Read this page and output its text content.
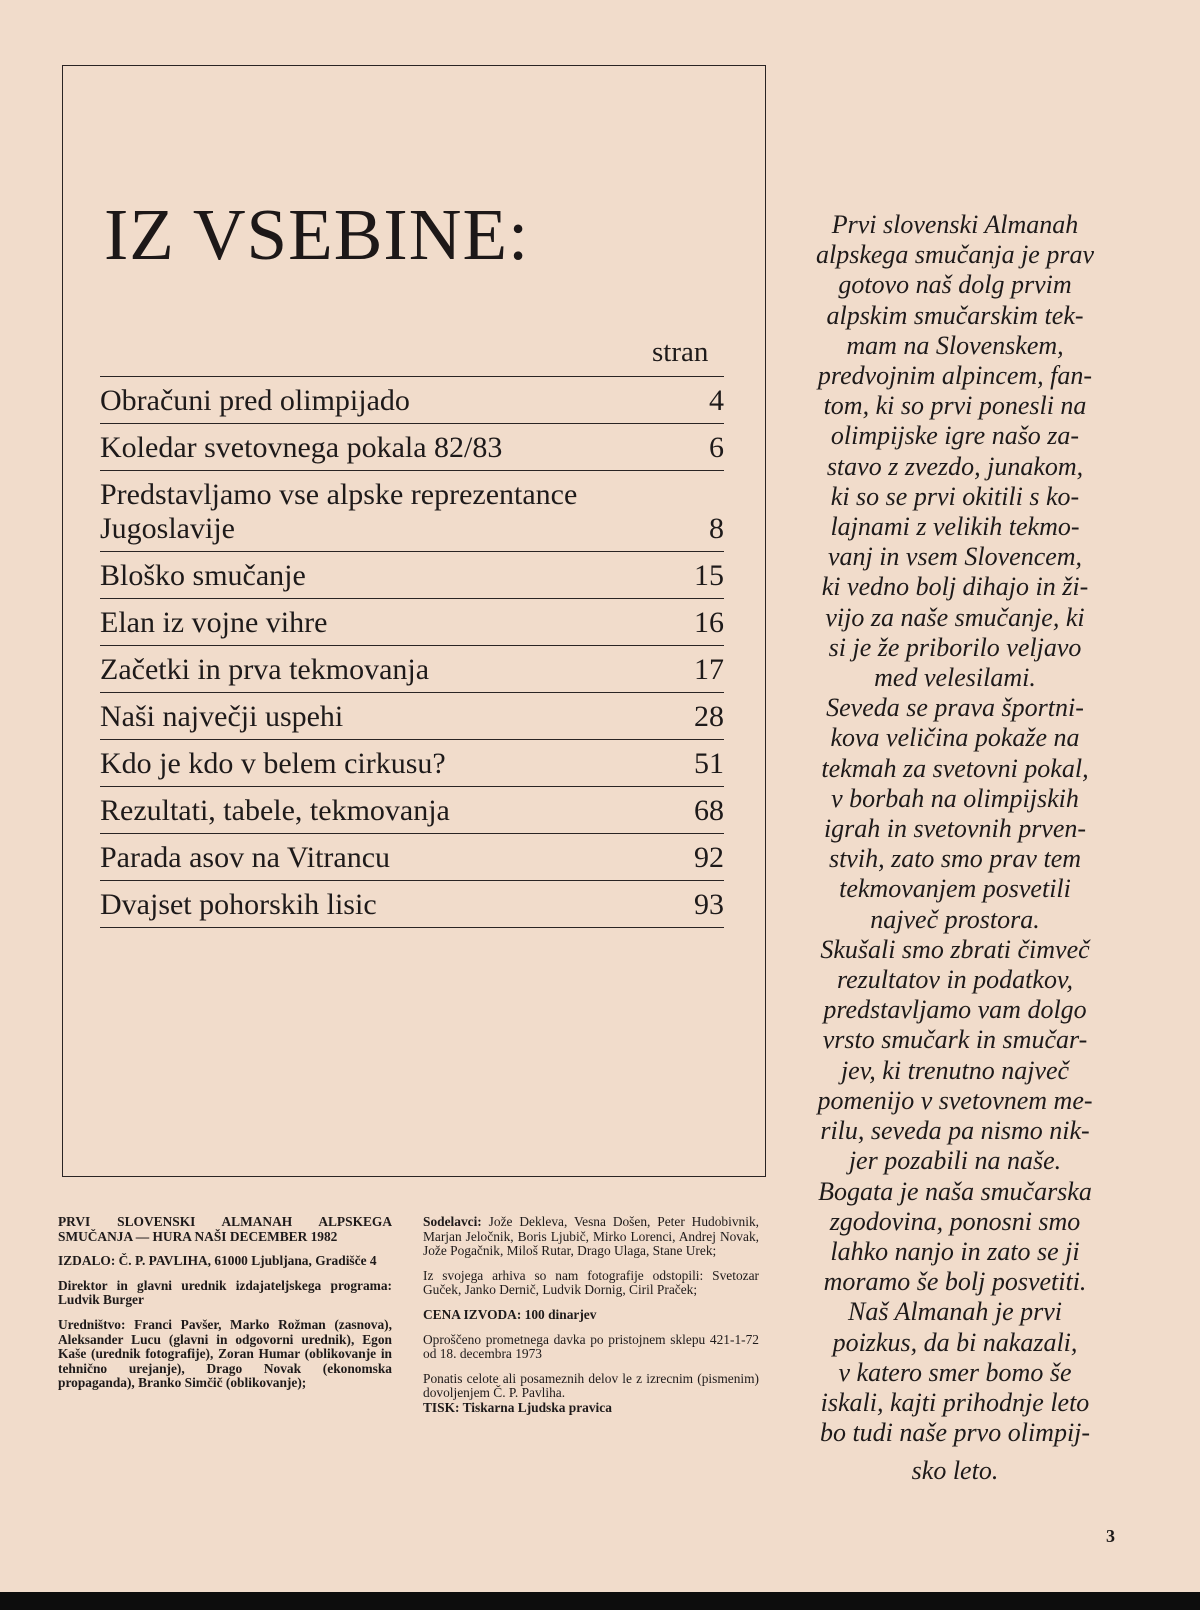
IZ VSEBINE:
stran
Obračuni pred olimpijado	4
Koledar svetovnega pokala 82/83	6
Predstavljamo vse alpske reprezentance Jugoslavije	8
Bloško smučanje	15
Elan iz vojne vihre	16
Začetki in prva tekmovanja	17
Naši največji uspehi	28
Kdo je kdo v belem cirkusu?	51
Rezultati, tabele, tekmovanja	68
Parada asov na Vitrancu	92
Dvajset pohorskih lisic	93

PRVI SLOVENSKI ALMANAH ALPSKEGA SMUČANJA — HURA NAŠI DECEMBER 1982

IZDALO: Č. P. PAVLIHA, 61000 Ljubljana, Gradišče 4

Direktor in glavni urednik izdajateljskega programa: Ludvik Burger

Uredništvo: Franci Pavšer, Marko Rožman (zasnova), Aleksander Lucu (glavni in odgovorni urednik), Egon Kaše (urednik fotografije), Zoran Humar (oblikovanje in tehnično urejanje), Drago Novak (ekonomska propaganda), Branko Simčič (oblikovanje);

Sodelavci: Jože Dekleva, Vesna Došen, Peter Hudobivnik, Marjan Jeločnik, Boris Ljubič, Mirko Lorenci, Andrej Novak, Jože Pogačnik, Miloš Rutar, Drago Ulaga, Stane Urek;

Iz svojega arhiva so nam fotografije odstopili: Svetozar Guček, Janko Dernič, Ludvik Dornig, Ciril Praček;

CENA IZVODA: 100 dinarjev

Oproščeno prometnega davka po pristojnem sklepu 421-1-72 od 18. decembra 1973

Ponatis celote ali posameznih delov le z izrecnim (pismenim) dovoljenjem Č. P. Pavliha.

TISK: Tiskarna Ljudska pravica

Prvi slovenski Almanah
alpskega smučanja je prav
gotovo naš dolg prvim
alpskim smučarskim tek-
mam na Slovenskem,
predvojnim alpincem, fan-
tom, ki so prvi ponesli na
olimpijske igre našo za-
stavo z zvezdo, junakom,
ki so se prvi okitili s ko-
lajnami z velikih tekmo-
vanj in vsem Slovencem,
ki vedno bolj dihajo in ži-
vijo za naše smučanje, ki
si je že priborilo veljavo
med velesilami.
Seveda se prava športni-
kova veličina pokaže na
tekmah za svetovni pokal,
v borbah na olimpijskih
igrah in svetovnih prven-
stvih, zato smo prav tem
tekmovanjem posvetili
največ prostora.
Skušali smo zbrati čimveč
rezultatov in podatkov,
predstavljamo vam dolgo
vrsto smučark in smučar-
jev, ki trenutno največ
pomenijo v svetovnem me-
rilu, seveda pa nismo nik-
jer pozabili na naše.
Bogata je naša smučarska
zgodovina, ponosni smo
lahko nanjo in zato se ji
moramo še bolj posvetiti.
Naš Almanah je prvi
poizkus, da bi nakazali,
v katero smer bomo še
iskali, kajti prihodnje leto
bo tudi naše prvo olimpij-
sko leto.

3
